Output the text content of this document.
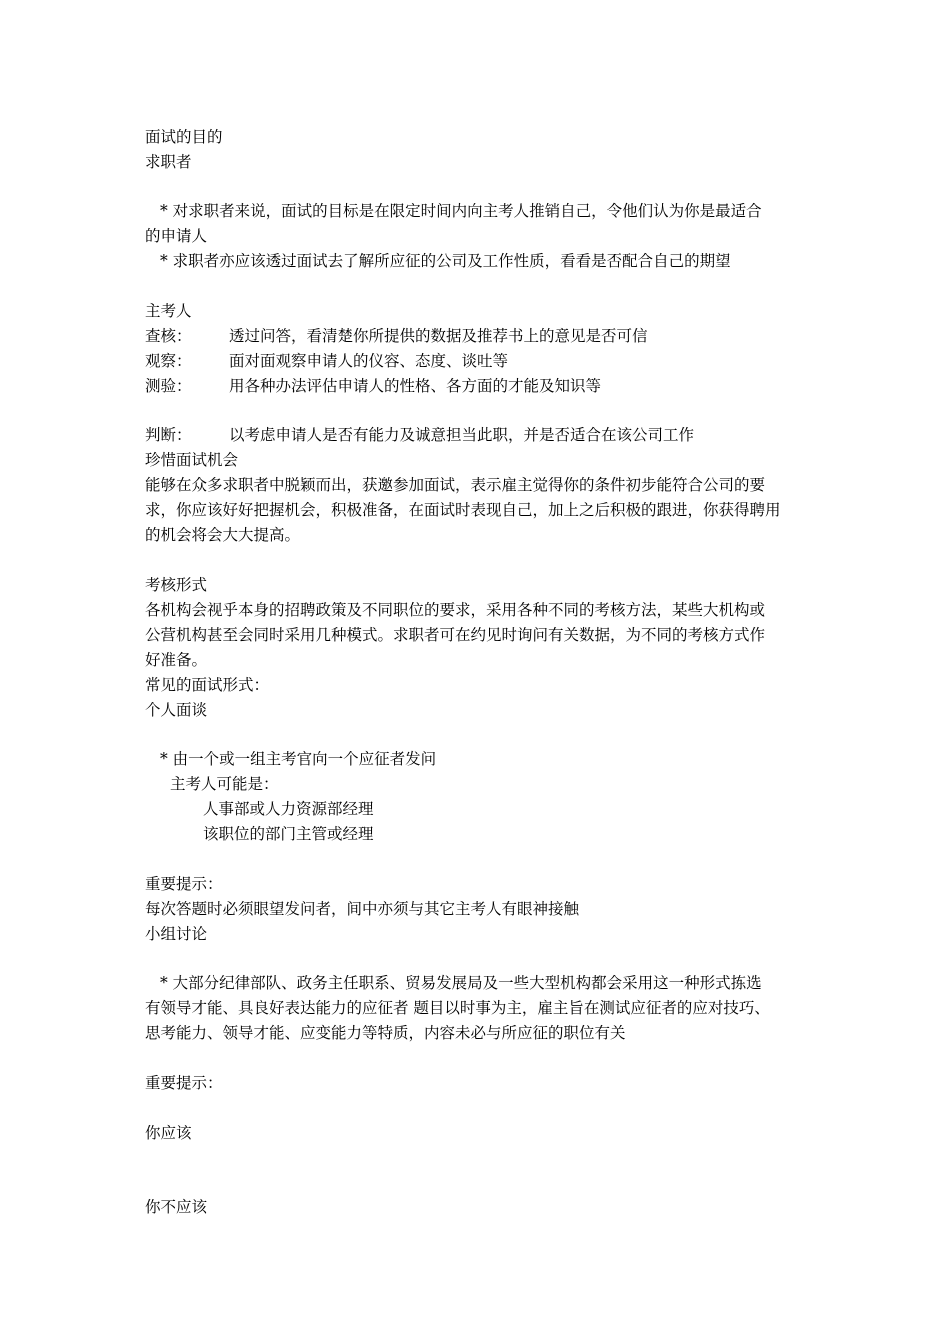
面试的目的
求职者
* 对求职者来说，面试的目标是在限定时间内向主考人推销自己，令他们认为你是最适合
的申请人
* 求职者亦应该透过面试去了解所应征的公司及工作性质，看看是否配合自己的期望
主考人
查核： 透过问答，看清楚你所提供的数据及推荐书上的意见是否可信
观察： 面对面观察申请人的仪容、态度、谈吐等
测验： 用各种办法评估申请人的性格、各方面的才能及知识等
判断： 以考虑申请人是否有能力及诚意担当此职，并是否适合在该公司工作
珍惜面试机会
能够在众多求职者中脱颖而出，获邀参加面试，表示雇主觉得你的条件初步能符合公司的要
求，你应该好好把握机会，积极准备，在面试时表现自己，加上之后积极的跟进，你获得聘用
的机会将会大大提高。
考核形式
各机构会视乎本身的招聘政策及不同职位的要求，采用各种不同的考核方法，某些大机构或
公营机构甚至会同时采用几种模式。求职者可在约见时询问有关数据，为不同的考核方式作
好准备。
常见的面试形式：
个人面谈
* 由一个或一组主考官向一个应征者发问
主考人可能是：
人事部或人力资源部经理
该职位的部门主管或经理
重要提示：
每次答题时必须眼望发问者，间中亦须与其它主考人有眼神接触
小组讨论
* 大部分纪律部队、政务主任职系、贸易发展局及一些大型机构都会采用这一种形式拣选
有领导才能、具良好表达能力的应征者 题目以时事为主，雇主旨在测试应征者的应对技巧、
思考能力、领导才能、应变能力等特质，内容未必与所应征的职位有关
重要提示：
你应该
你不应该
